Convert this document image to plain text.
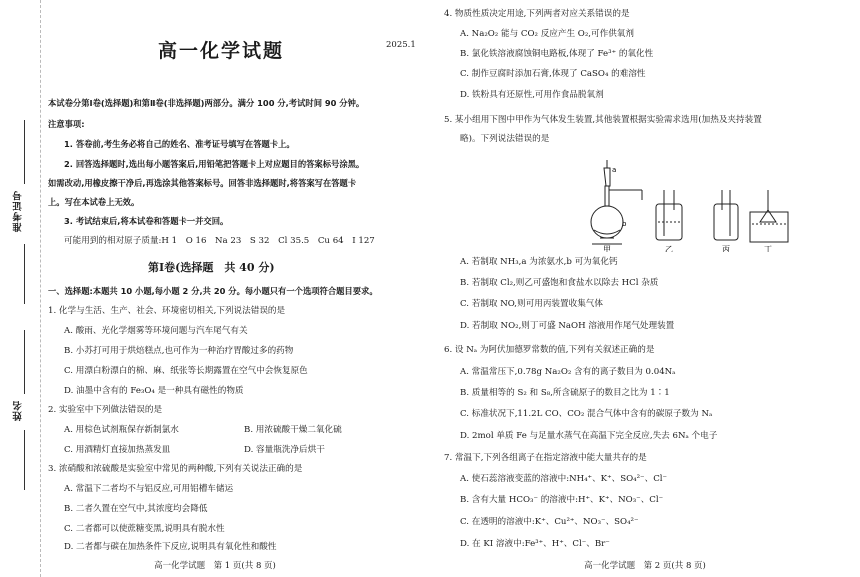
准考证号
姓名
高一化学试题	2025.1
本试卷分第Ⅰ卷(选择题)和第Ⅱ卷(非选择题)两部分。满分 100 分,考试时间 90 分钟。
注意事项:
1. 答卷前,考生务必将自己的姓名、准考证号填写在答题卡上。
2. 回答选择题时,选出每小题答案后,用铅笔把答题卡上对应题目的答案标号涂黑。
如需改动,用橡皮擦干净后,再选涂其他答案标号。回答非选择题时,将答案写在答题卡
上。写在本试卷上无效。
3. 考试结束后,将本试卷和答题卡一并交回。
可能用到的相对原子质量:H 1　O 16　Na 23　S 32　Cl 35.5　Cu 64　I 127
第Ⅰ卷(选择题　共 40 分)
一、选择题:本题共 10 小题,每小题 2 分,共 20 分。每小题只有一个选项符合题目要求。
1. 化学与生活、生产、社会、环境密切相关,下列说法错误的是
A. 酸雨、光化学烟雾等环境问题与汽车尾气有关
B. 小苏打可用于烘焙糕点,也可作为一种治疗胃酸过多的药物
C. 用漂白粉漂白的棉、麻、纸张等长期露置在空气中会恢复原色
D. 油墨中含有的 Fe₃O₄ 是一种具有磁性的物质
2. 实验室中下列做法错误的是
A. 用棕色试剂瓶保存新制氯水	B. 用浓硫酸干燥二氧化硫
C. 用酒精灯直接加热蒸发皿	D. 容量瓶洗净后烘干
3. 浓硝酸和浓硫酸是实验室中常见的两种酸,下列有关说法正确的是
A. 常温下二者均不与铝反应,可用铝槽车储运
B. 二者久置在空气中,其浓度均会降低
C. 二者都可以使蔗糖变黑,说明具有脱水性
D. 二者都与碳在加热条件下反应,说明具有氧化性和酸性
高一化学试题　第 1 页(共 8 页)
4. 物质性质决定用途,下列两者对应关系错误的是
A. Na₂O₂ 能与 CO₂ 反应产生 O₂,可作供氧剂
B. 氯化铁溶液腐蚀铜电路板,体现了 Fe³⁺ 的氧化性
C. 制作豆腐时添加石膏,体现了 CaSO₄ 的难溶性
D. 铁粉具有还原性,可用作食品脱氧剂
5. 某小组用下图中甲作为气体发生装置,其他装置根据实验需求选用(加热及夹持装置
略)。下列说法错误的是
甲	乙	丙	丁
a
b
A. 若制取 NH₃,a 为浓氨水,b 可为氧化钙
B. 若制取 Cl₂,则乙可盛饱和食盐水以除去 HCl 杂质
C. 若制取 NO,则可用丙装置收集气体
D. 若制取 NO₂,则丁可盛 NaOH 溶液用作尾气处理装置
6. 设 Nₐ 为阿伏加德罗常数的值,下列有关叙述正确的是
A. 常温常压下,0.78g Na₂O₂ 含有的离子数目为 0.04Nₐ
B. 质量相等的 S₂ 和 S₈,所含硫原子的数目之比为 1∶1
C. 标准状况下,11.2L CO、CO₂ 混合气体中含有的碳原子数为 Nₐ
D. 2mol 单质 Fe 与足量水蒸气在高温下完全反应,失去 6Nₐ 个电子
7. 常温下,下列各组离子在指定溶液中能大量共存的是
A. 使石蕊溶液变蓝的溶液中:NH₄⁺、K⁺、SO₄²⁻、Cl⁻
B. 含有大量 HCO₃⁻ 的溶液中:H⁺、K⁺、NO₃⁻、Cl⁻
C. 在透明的溶液中:K⁺、Cu²⁺、NO₃⁻、SO₄²⁻
D. 在 KI 溶液中:Fe³⁺、H⁺、Cl⁻、Br⁻
高一化学试题　第 2 页(共 8 页)
